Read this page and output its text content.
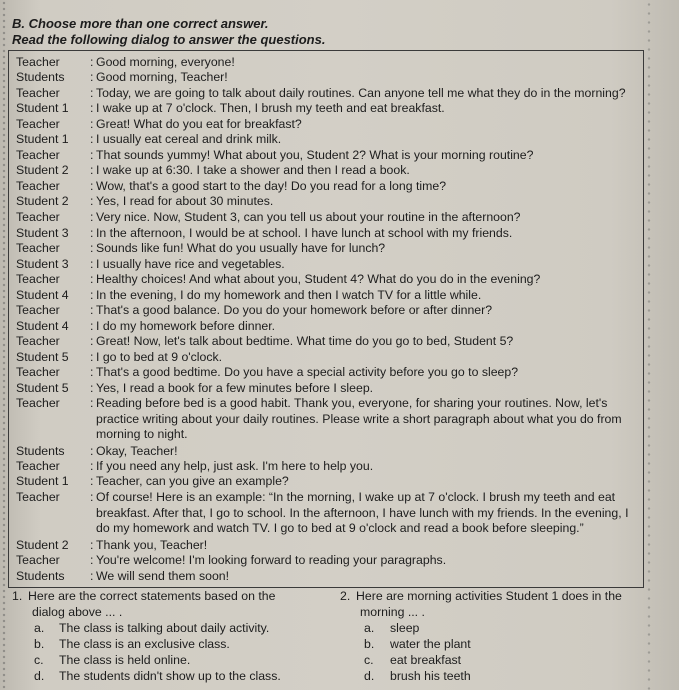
B. Choose more than one correct answer.
Read the following dialog to answer the questions.
Teacher : Good morning, everyone!
Students : Good morning, Teacher!
Teacher : Today, we are going to talk about daily routines. Can anyone tell me what they do in the morning?
Student 1 : I wake up at 7 o'clock. Then, I brush my teeth and eat breakfast.
Teacher : Great! What do you eat for breakfast?
Student 1 : I usually eat cereal and drink milk.
Teacher : That sounds yummy! What about you, Student 2? What is your morning routine?
Student 2 : I wake up at 6:30. I take a shower and then I read a book.
Teacher : Wow, that's a good start to the day! Do you read for a long time?
Student 2 : Yes, I read for about 30 minutes.
Teacher : Very nice. Now, Student 3, can you tell us about your routine in the afternoon?
Student 3 : In the afternoon, I would be at school. I have lunch at school with my friends.
Teacher : Sounds like fun! What do you usually have for lunch?
Student 3 : I usually have rice and vegetables.
Teacher : Healthy choices! And what about you, Student 4? What do you do in the evening?
Student 4 : In the evening, I do my homework and then I watch TV for a little while.
Teacher : That's a good balance. Do you do your homework before or after dinner?
Student 4 : I do my homework before dinner.
Teacher : Great! Now, let's talk about bedtime. What time do you go to bed, Student 5?
Student 5 : I go to bed at 9 o'clock.
Teacher : That's a good bedtime. Do you have a special activity before you go to sleep?
Student 5 : Yes, I read a book for a few minutes before I sleep.
Teacher : Reading before bed is a good habit. Thank you, everyone, for sharing your routines. Now, let's practice writing about your daily routines. Please write a short paragraph about what you do from morning to night.
Students : Okay, Teacher!
Teacher : If you need any help, just ask. I'm here to help you.
Student 1 : Teacher, can you give an example?
Teacher : Of course! Here is an example: “In the morning, I wake up at 7 o'clock. I brush my teeth and eat breakfast. After that, I go to school. In the afternoon, I have lunch with my friends. In the evening, I do my homework and watch TV. I go to bed at 9 o'clock and read a book before sleeping.”
Student 2 : Thank you, Teacher!
Teacher : You're welcome! I'm looking forward to reading your paragraphs.
Students : We will send them soon!
1. Here are the correct statements based on the
dialog above ... .
a. The class is talking about daily activity.
b. The class is an exclusive class.
c. The class is held online.
d. The students didn't show up to the class.
2. Here are morning activities Student 1 does in the
morning ... .
a. sleep
b. water the plant
c. eat breakfast
d. brush his teeth
